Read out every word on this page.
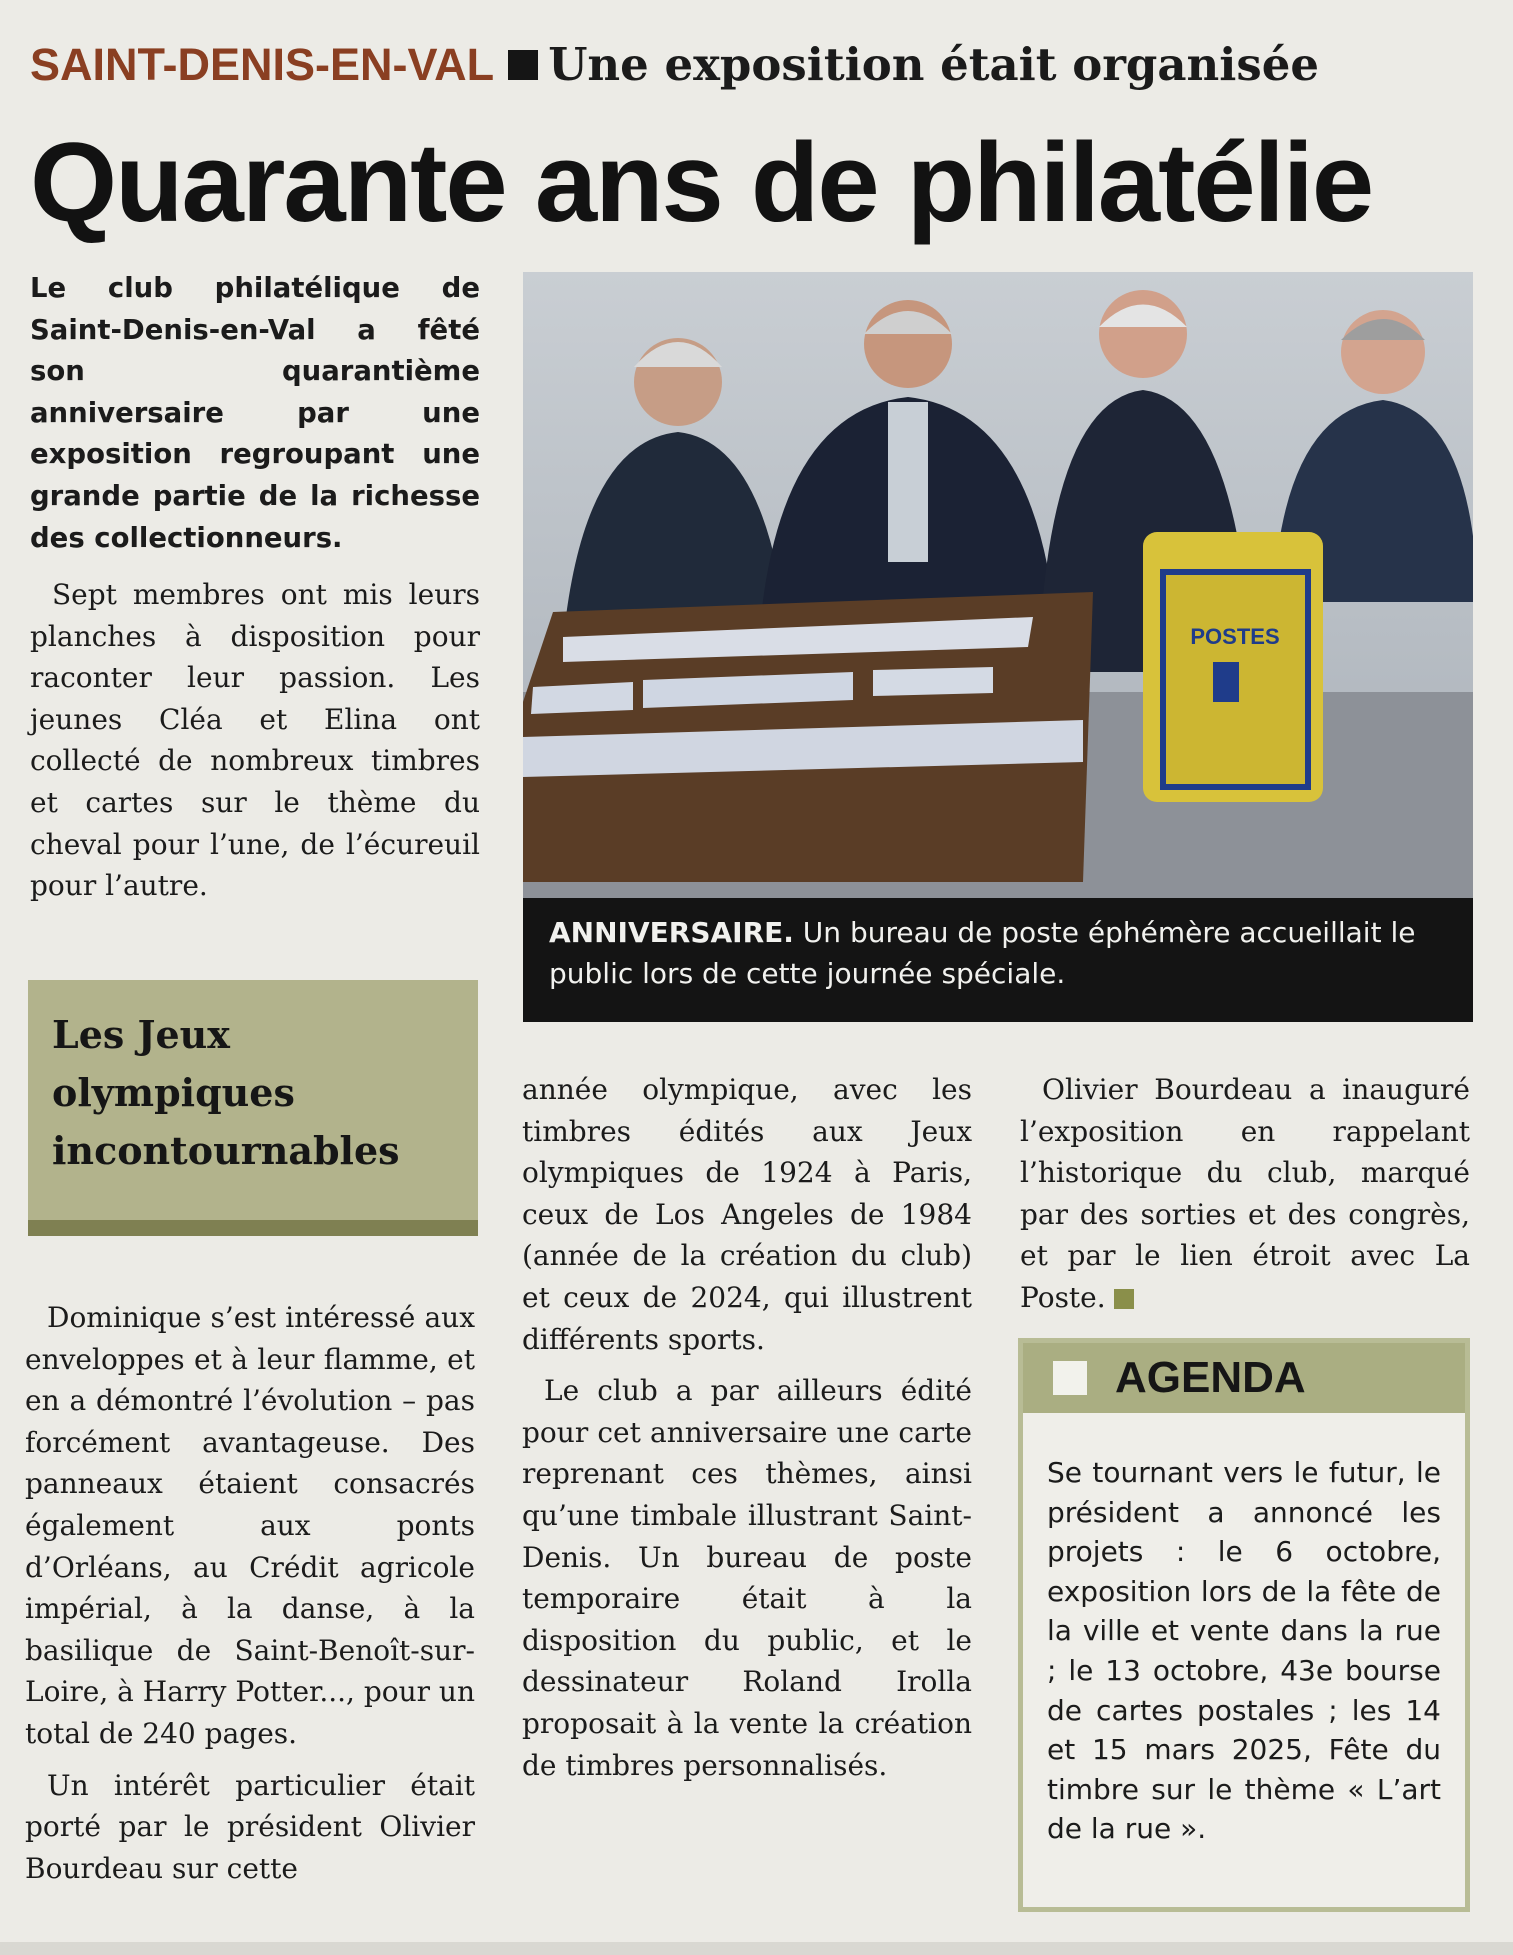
SAINT-DENIS-EN-VAL Une exposition était organisée
Quarante ans de philatélie
Le club philatélique de Saint-Denis-en-Val a fêté son quarantième anniversaire par une exposition regroupant une grande partie de la richesse des collectionneurs.

Sept membres ont mis leurs planches à disposition pour raconter leur passion. Les jeunes Cléa et Elina ont collecté de nombreux timbres et cartes sur le thème du cheval pour l’une, de l’écureuil pour l’autre.

Les Jeux olympiques incontournables

Dominique s’est intéressé aux enveloppes et à leur flamme, et en a démontré l’évolution – pas forcément avantageuse. Des panneaux étaient consacrés également aux ponts d’Orléans, au Crédit agricole impérial, à la danse, à la basilique de Saint-Benoît-sur-Loire, à Harry Potter..., pour un total de 240 pages.

Un intérêt particulier était porté par le président Olivier Bourdeau sur cette

POSTES
ANNIVERSAIRE. Un bureau de poste éphémère accueillait le public lors de cette journée spéciale.

année olympique, avec les timbres édités aux Jeux olympiques de 1924 à Paris, ceux de Los Angeles de 1984 (année de la création du club) et ceux de 2024, qui illustrent différents sports.

Le club a par ailleurs édité pour cet anniversaire une carte reprenant ces thèmes, ainsi qu’une timbale illustrant Saint-Denis. Un bureau de poste temporaire était à la disposition du public, et le dessinateur Roland Irolla proposait à la vente la création de timbres personnalisés.

Olivier Bourdeau a inauguré l’exposition en rappelant l’historique du club, marqué par des sorties et des congrès, et par le lien étroit avec La Poste.

AGENDA
Se tournant vers le futur, le président a annoncé les projets : le 6 octobre, exposition lors de la fête de la ville et vente dans la rue ; le 13 octobre, 43e bourse de cartes postales ; les 14 et 15 mars 2025, Fête du timbre sur le thème « L’art de la rue ».
